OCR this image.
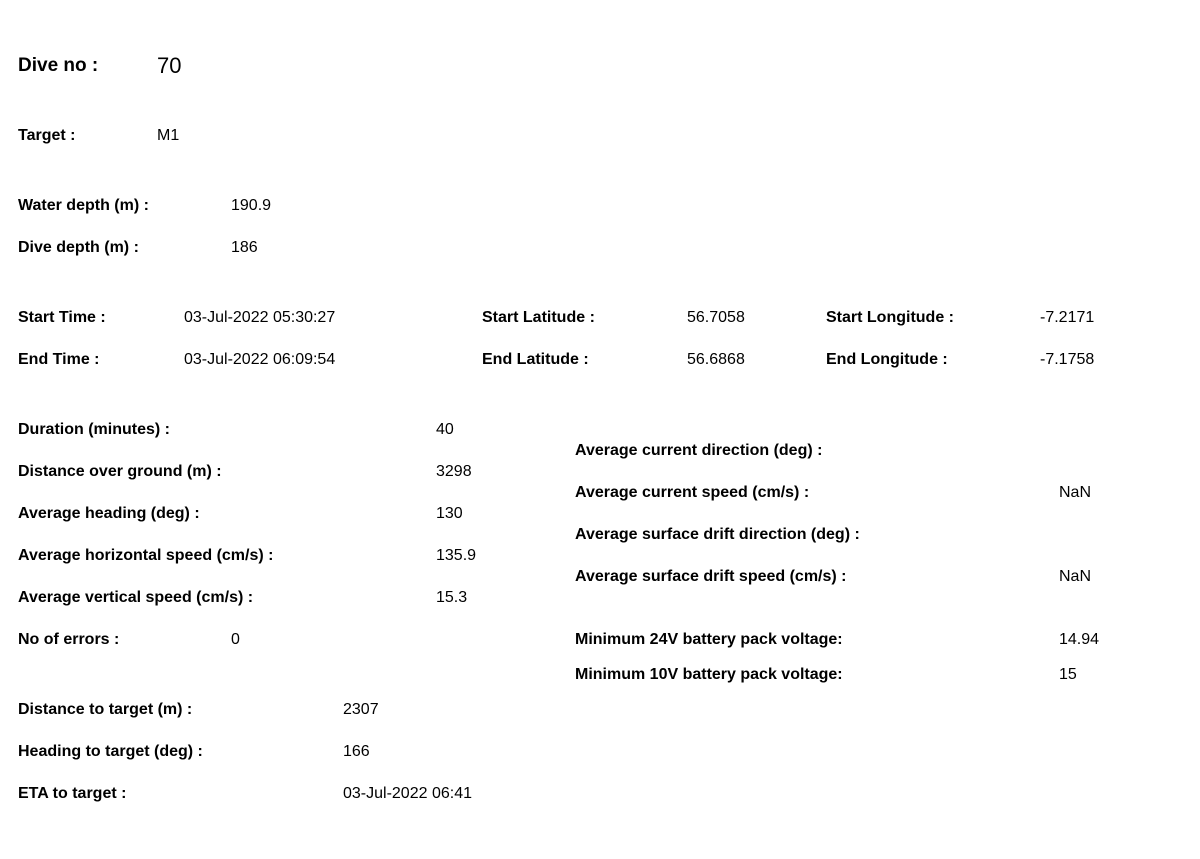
Dive no :	70
Target :	M1
Water depth (m) :	190.9
Dive depth (m) :	186
Start Time :	03-Jul-2022 05:30:27
End Time :	03-Jul-2022 06:09:54
Start Latitude :	56.7058
End Latitude :	56.6868
Start Longitude :	-7.2171
End Longitude :	-7.1758
Duration (minutes) :	40
Distance over ground (m) :	3298
Average heading (deg) :	130
Average horizontal speed (cm/s) :	135.9
Average vertical speed (cm/s) :	15.3
No of errors :	0
Average current direction (deg) :
Average current speed (cm/s) :	NaN
Average surface drift direction (deg) :
Average surface drift speed (cm/s) :	NaN
Minimum 24V battery pack voltage:	14.94
Minimum 10V battery pack voltage:	15
Distance to target (m) :	2307
Heading to target (deg) :	166
ETA to target :	03-Jul-2022 06:41
